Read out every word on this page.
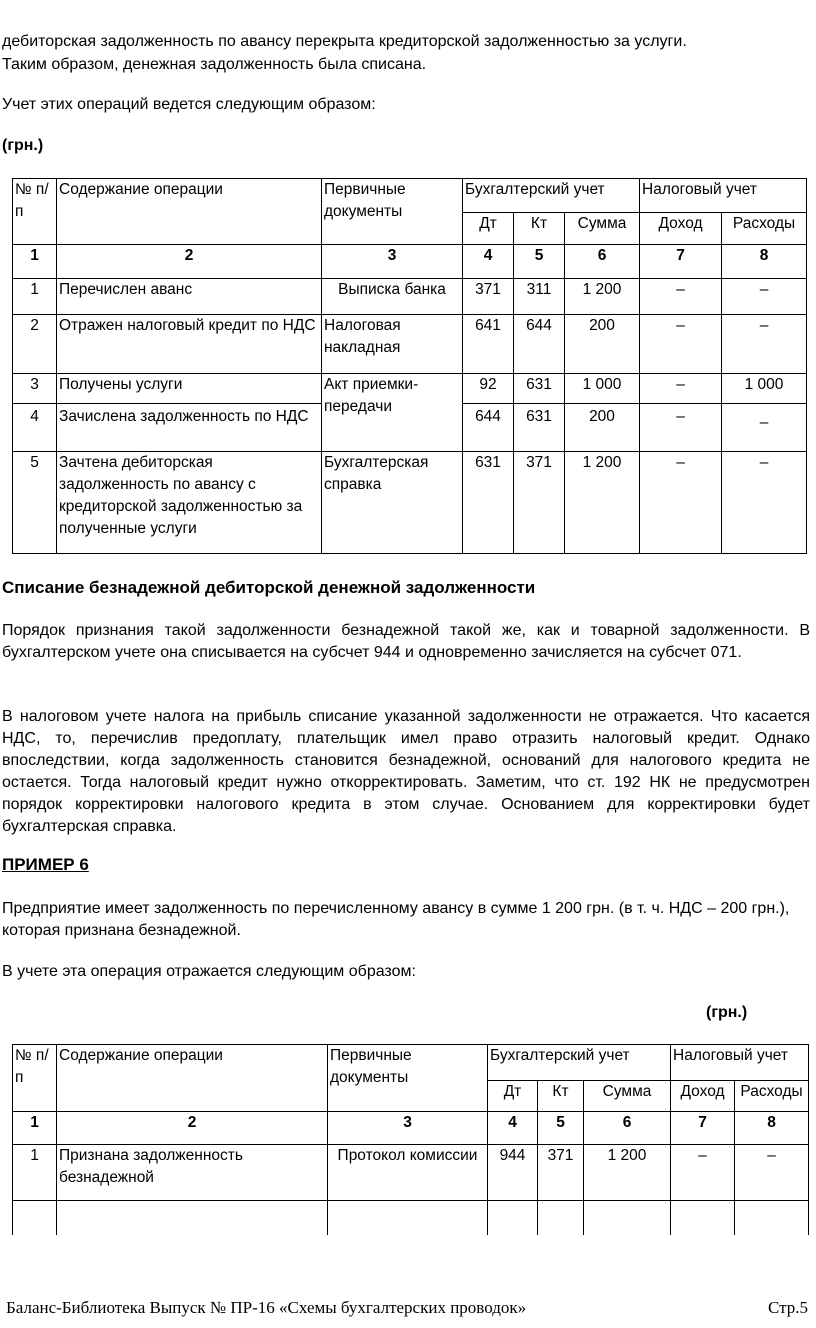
дебиторская задолженность по авансу перекрыта кредиторской задолженностью за услуги.

Таким образом, денежная задолженность была списана.

Учет этих операций ведется следующим образом:

(грн.)

№ п/п	Содержание операции	Первичные документы	Бухгалтерский учет			Налоговый учет	
			Дт	Кт	Сумма	Доход	Расходы
1	2	3	4	5	6	7	8
1	Перечислен аванс	Выписка банка	371	311	1 200	–	–
2	Отражен налоговый кредит по НДС	Налоговая накладная	641	644	200	–	–
3	Получены услуги	Акт приемки-передачи	92	631	1 000	–	1 000
4	Зачислена задолженность по НДС		644	631	200	–	–
5	Зачтена дебиторская задолженность по авансу с кредиторской задолженностью за полученные услуги	Бухгалтерская справка	631	371	1 200	–	–

Списание безнадежной дебиторской денежной задолженности

Порядок признания такой задолженности безнадежной такой же, как и товарной задолженности. В бухгалтерском учете она списывается на субсчет 944 и одновременно зачисляется на субсчет 071.

В налоговом учете налога на прибыль списание указанной задолженности не отражается. Что касается НДС, то, перечислив предоплату, плательщик имел право отразить налоговый кредит. Однако впоследствии, когда задолженность становится безнадежной, оснований для налогового кредита не остается. Тогда налоговый кредит нужно откорректировать. Заметим, что ст. 192 НК не предусмотрен порядок корректировки налогового кредита в этом случае. Основанием для корректировки будет бухгалтерская справка.

ПРИМЕР 6

Предприятие имеет задолженность по перечисленному авансу в сумме 1 200 грн. (в т. ч. НДС – 200 грн.), которая признана безнадежной.

В учете эта операция отражается следующим образом:

(грн.)

№ п/п	Содержание операции	Первичные документы	Бухгалтерский учет			Налоговый учет	
			Дт	Кт	Сумма	Доход	Расходы
1	2	3	4	5	6	7	8
1	Признана задолженность безнадежной	Протокол комиссии	944	371	1 200	–	–

Баланс-Библиотека Выпуск № ПР-16 «Схемы бухгалтерских проводок»	Стр.5
